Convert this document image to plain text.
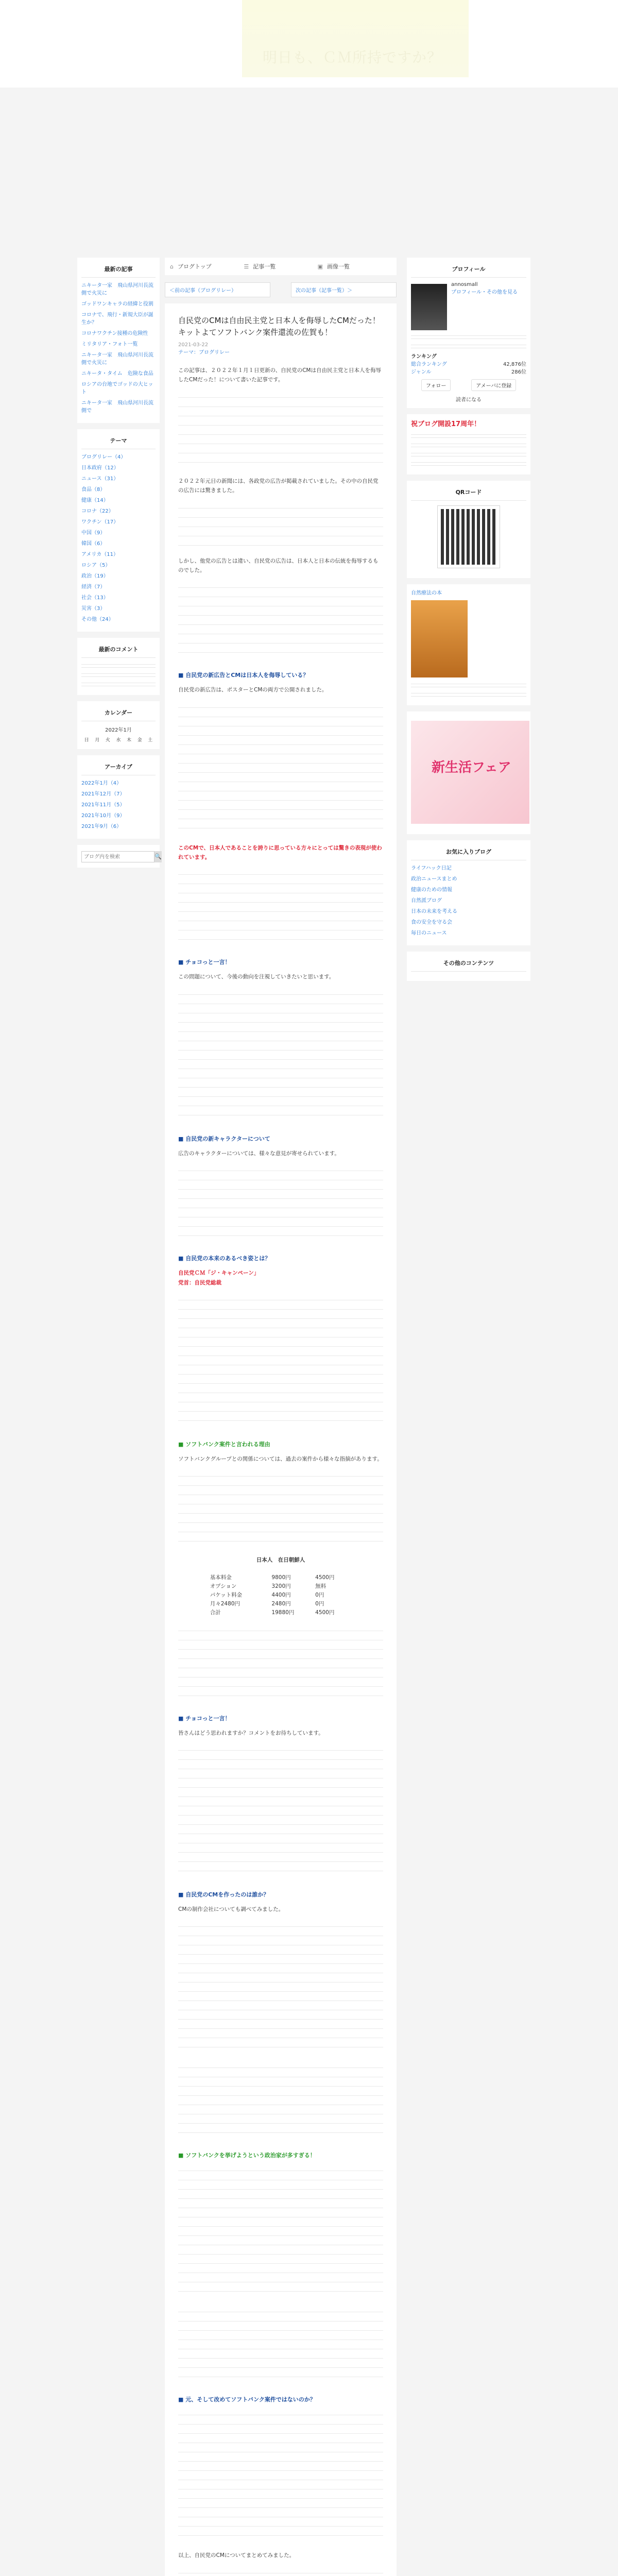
明日も、ＣＭ所持ですか？
最新の記事
ニキータ一家　飛山県河川長流側で火災に
ゴッドワンキャラの経緯と役割
コロナで、飛行・新規大臣が誕生か？
コロナワクチン接種の危険性
ミリタリア・フォト一覧
ニキータ一家　飛山県河川長流側で火災に
ニキータ・タイム　危険な食品
ロシアの台地でゴッドの大ヒット
ニキータ一家　飛山県河川長流側で
テーマ
ブログリレー（4）
日本政府（12）
ニュース（31）
食品（8）
健康（14）
コロナ（22）
ワクチン（17）
中国（9）
韓国（6）
アメリカ（11）
ロシア（5）
政治（19）
経済（7）
社会（13）
災害（3）
その他（24）
最新のコメント
カレンダー
2022年1月
日	月	火	水	木	金	土
アーカイブ
2022年1月（4）
2021年12月（7）
2021年11月（5）
2021年10月（9）
2021年9月（6）
ブログ内を検索
🔍
⌂ ブログトップ	☰ 記事一覧	▣ 画像一覧
＜前の記事（ブログリレー）	次の記事（記事一覧）＞
自民党のCMは自由民主党と日本人を侮辱したCMだった！キットよてソフトバンク案件還流の佐賀も！
2021-03-22
テーマ：ブログリレー
この記事は、２０２２年１月１日更新の、自民党のCMは自由民主党と日本人を侮辱したCMだった！について書いた記事です。
２０２２年元日の新聞には、各政党の広告が掲載されていました。その中の自民党の広告には驚きました。
しかし、他党の広告とは違い、自民党の広告は、日本人と日本の伝統を侮辱するものでした。
■ 自民党の新広告とCMは日本人を侮辱している？
自民党の新広告は、ポスターとCMの両方で公開されました。
このCMで、日本人であることを誇りに思っている方々にとっては驚きの表現が使われています。
■ チョコっと一言！
この問題について、今後の動向を注視していきたいと思います。
■ 自民党の新キャラクターについて
広告のキャラクターについては、様々な意見が寄せられています。
■ 自民党の本来のあるべき姿とは？
自民党ＣＭ「ジ・キャンペーン」
党首：自民党総裁
■ ソフトバンク案件と言われる理由
ソフトバンクグループとの関係については、過去の案件から様々な指摘があります。
日本人　在日朝鮮人
基本料金	9800円	4500円
オプション	3200円	無料
パケット料金	4400円	0円
月々2480円	2480円	0円
合計	19880円	4500円
■ チョコっと一言！
皆さんはどう思われますか？コメントをお待ちしています。
■ 自民党のCMを作ったのは誰か？
CMの制作会社についても調べてみました。
■ ソフトバンクを挙げようという政治家が多すぎる！
■ 元、そして改めてソフトバンク案件ではないのか？
以上、自民党のCMについてまとめてみました。
プロフィール
annosmall
プロフィール・その他を見る
ランキング
総合ランキング	42,876位
ジャンル	286位
フォロー	アメーバに登録
読者になる
祝ブログ開設17周年！
QRコード
自然療法の本
新生活フェア
お気に入りブログ
ライフハック日記
政治ニュースまとめ
健康のための情報
自然派ブログ
日本の未来を考える
食の安全を守る会
毎日のニュース
その他のコンテンツ
